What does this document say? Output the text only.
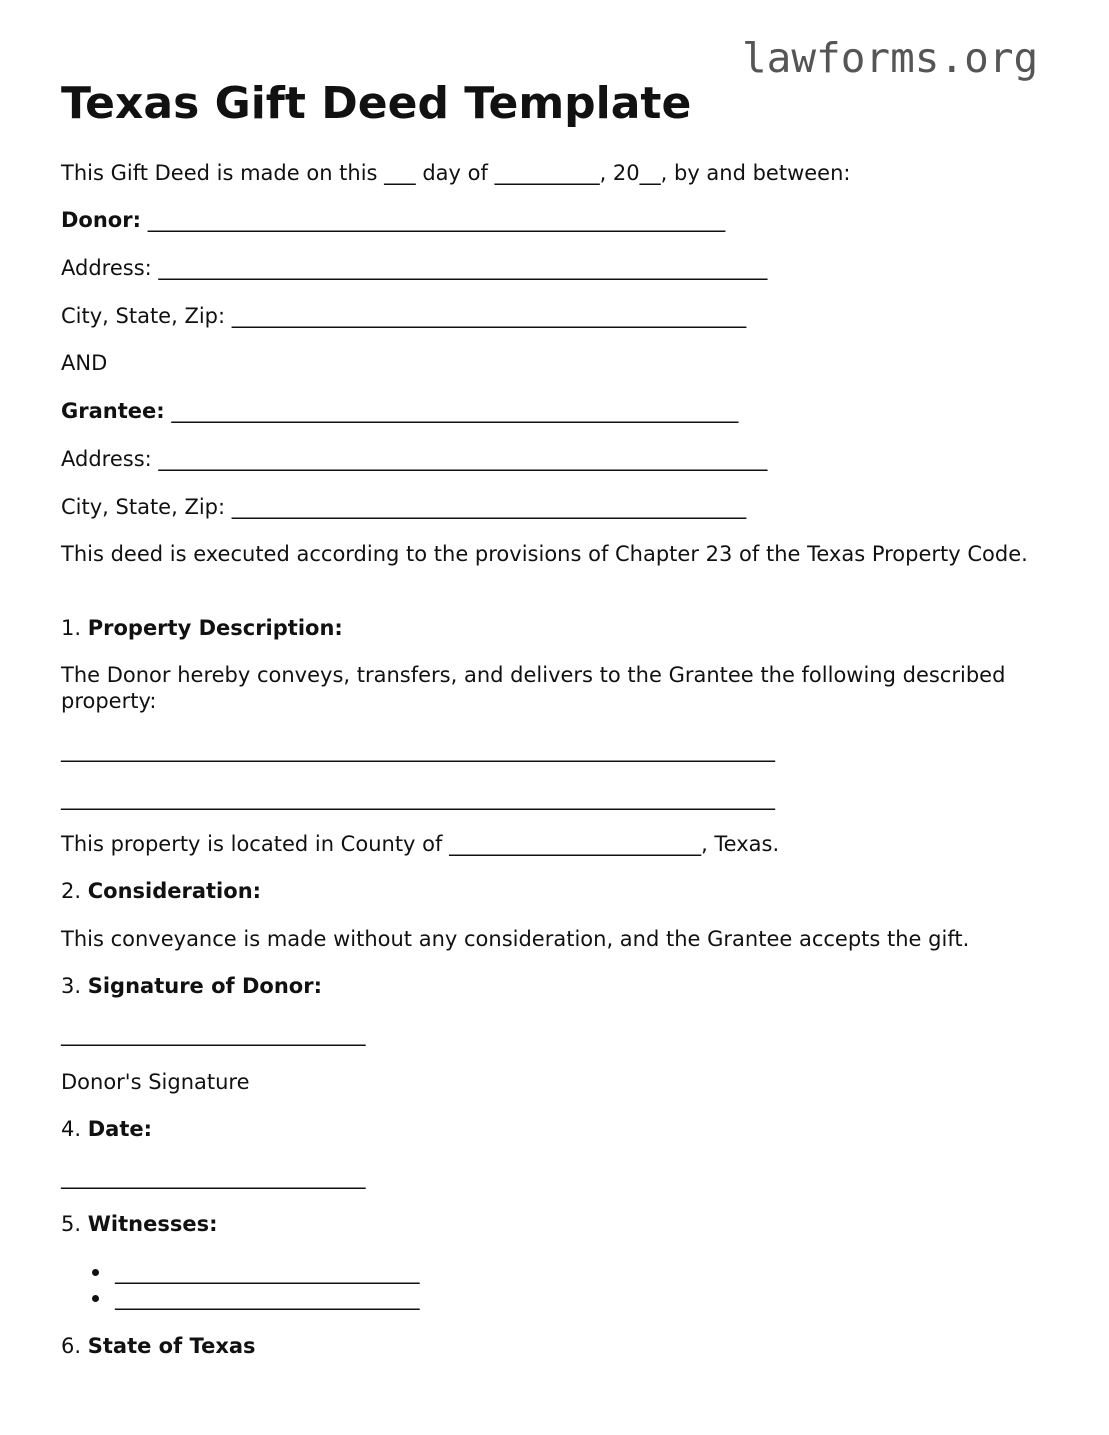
lawforms.org
Texas Gift Deed Template

This Gift Deed is made on this ___ day of __________, 20__, by and between:

Donor: _______________________________________________________

Address: __________________________________________________________

City, State, Zip: _________________________________________________

AND

Grantee: ______________________________________________________

Address: __________________________________________________________

City, State, Zip: _________________________________________________

This deed is executed according to the provisions of Chapter 23 of the Texas Property Code.

1. Property Description:

The Donor hereby conveys, transfers, and delivers to the Grantee the following described property:

____________________________________________________________________

____________________________________________________________________

This property is located in County of ________________________, Texas.

2. Consideration:

This conveyance is made without any consideration, and the Grantee accepts the gift.

3. Signature of Donor:

_____________________________

Donor's Signature

4. Date:

_____________________________

5. Witnesses:

_____________________________

_____________________________

6. State of Texas
